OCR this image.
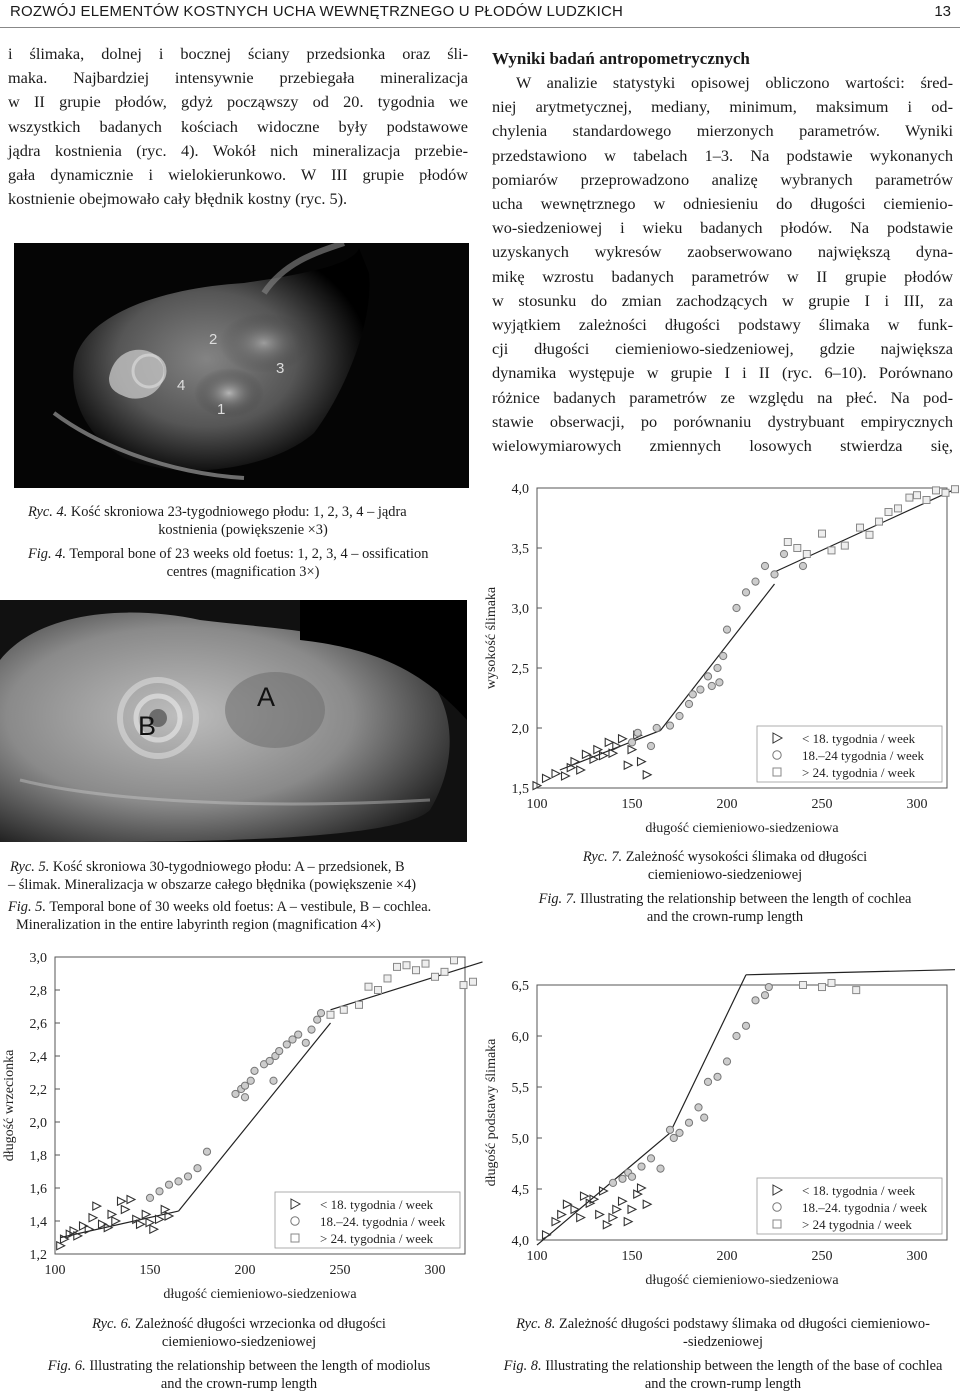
ROZWÓJ ELEMENTÓW KOSTNYCH UCHA WEWNĘTRZNEGO U PŁODÓW LUDZKICH	13

i ślimaka, dolnej i bocznej ściany przedsionka oraz śli-

maka. Najbardziej intensywnie przebiegała mineralizacja

w II grupie płodów, gdyż począwszy od 20. tygodnia we

wszystkich badanych kościach widoczne były podstawowe

jądra kostnienia (ryc. 4). Wokół nich mineralizacja przebie-

gała dynamicznie i wielokierunkowo. W III grupie płodów

kostnienie obejmowało cały błędnik kostny (ryc. 5).

Wyniki badań antropometrycznych

W analizie statystyki opisowej obliczono wartości: śred-

niej arytmetycznej, mediany, minimum, maksimum i od-

chylenia standardowego mierzonych parametrów. Wyniki

przedstawiono w tabelach 1–3. Na podstawie wykonanych

pomiarów przeprowadzono analizę wybranych parametrów

ucha wewnętrznego w odniesieniu do długości ciemienio-

wo-siedzeniowej i wieku badanych płodów. Na podstawie

uzyskanych wykresów zaobserwowano największą dyna-

mikę wzrostu badanych parametrów w II grupie płodów

w stosunku do zmian zachodzących w grupie I i III, za

wyjątkiem zależności długości podstawy ślimaka w funk-

cji długości ciemieniowo-siedzeniowej, gdzie największa

dynamika występuje w grupie I i II (ryc. 6–10). Porównano

różnice badanych parametrów ze względu na płeć. Na pod-

stawie obserwacji, po porównaniu dystrybuant empirycznych

wielowymiarowych zmiennych losowych stwierdza się,

1
2
3
4
Ryc. 4. Kość skroniowa 23-tygodniowego płodu: 1, 2, 3, 4 – jądra
kostnienia (powiększenie ×3)
Fig. 4. Temporal bone of 23 weeks old foetus: 1, 2, 3, 4 – ossification
centres (magnification 3×)
A
B
Ryc. 5. Kość skroniowa 30-tygodniowego płodu: A – przedsionek, B
– ślimak. Mineralizacja w obszarze całego błędnika (powiększenie ×4)
Fig. 5. Temporal bone of 30 weeks old foetus: A – vestibule, B – cochlea.
Mineralization in the entire labyrinth region (magnification 4×)
1,5
2,0
2,5
3,0
3,5
4,0
100	150	200	250	300
długość ciemieniowo-siedzeniowa
wysokość ślimaka
< 18. tygodnia / week
18.–24 tygodnia / week
> 24. tygodnia / week
Ryc. 7. Zależność wysokości ślimaka od długości
ciemieniowo-siedzeniowej
Fig. 7. Illustrating the relationship between the length of cochlea
and the crown-rump length
1,2
1,4
1,6
1,8
2,0
2,2
2,4
2,6
2,8
3,0
100	150	200	250	300
długość ciemieniowo-siedzeniowa
długość wrzecionka
< 18. tygodnia / week
18.–24. tygodnia / week
> 24. tygodnia / week
Ryc. 6. Zależność długości wrzecionka od długości
ciemieniowo-siedzeniowej
Fig. 6. Illustrating the relationship between the length of modiolus
and the crown-rump length
4,0
4,5
5,0
5,5
6,0
6,5
100	150	200	250	300
długość ciemieniowo-siedzeniowa
długość podstawy ślimaka
< 18. tygodnia / week
18.–24. tygodnia / week
> 24 tygodnia / week
Ryc. 8. Zależność długości podstawy ślimaka od długości ciemieniowo-
-siedzeniowej
Fig. 8. Illustrating the relationship between the length of the base of cochlea
and the crown-rump length
